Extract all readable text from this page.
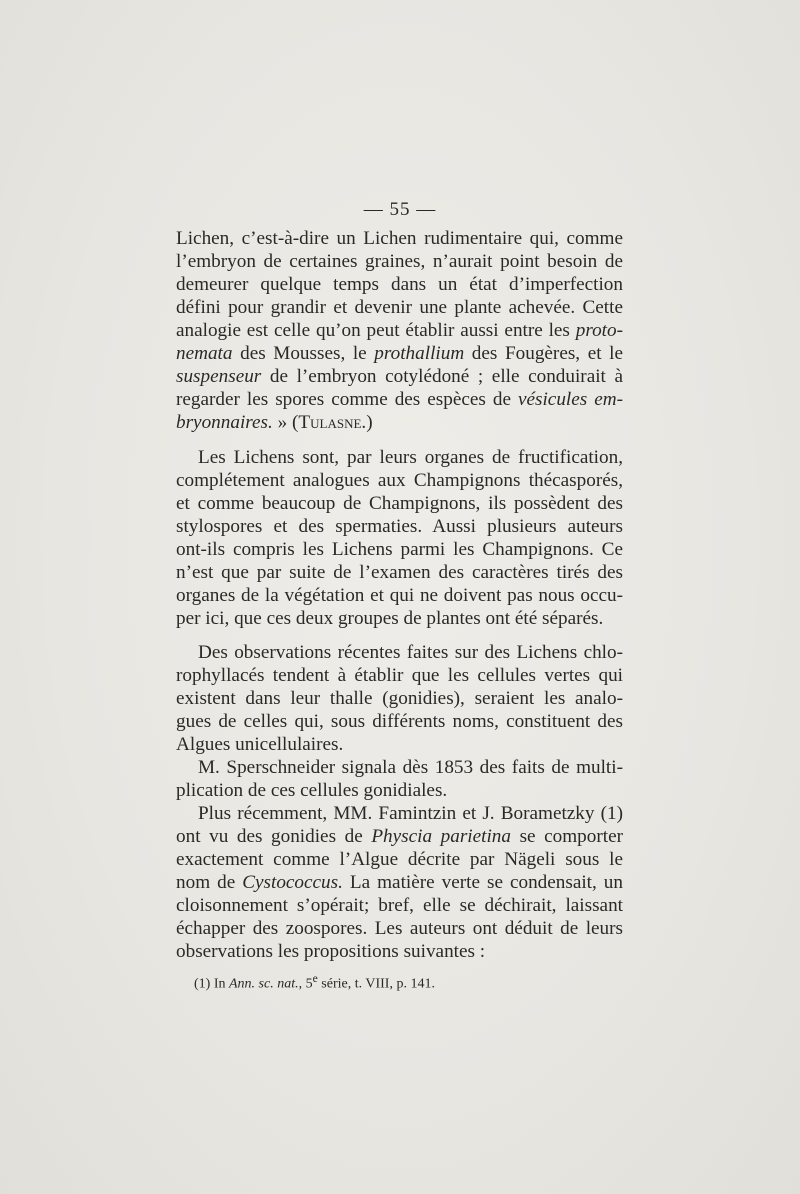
— 55 —
Lichen, c’est-à-dire un Lichen rudimentaire qui, comme
l’embryon de certaines graines, n’aurait point besoin de
demeurer quelque temps dans un état d’imperfection
défini pour grandir et devenir une plante achevée. Cette
analogie est celle qu’on peut établir aussi entre les proto-
nemata des Mousses, le prothallium des Fougères, et le
suspenseur de l’embryon cotylédoné ; elle conduirait à
regarder les spores comme des espèces de vésicules em-
bryonnaires. » (Tulasne.)
Les Lichens sont, par leurs organes de fructification,
complétement analogues aux Champignons thécasporés,
et comme beaucoup de Champignons, ils possèdent des
stylospores et des spermaties. Aussi plusieurs auteurs
ont-ils compris les Lichens parmi les Champignons. Ce
n’est que par suite de l’examen des caractères tirés des
organes de la végétation et qui ne doivent pas nous occu-
per ici, que ces deux groupes de plantes ont été séparés.
Des observations récentes faites sur des Lichens chlo-
rophyllacés tendent à établir que les cellules vertes qui
existent dans leur thalle (gonidies), seraient les analo-
gues de celles qui, sous différents noms, constituent des
Algues unicellulaires.
M. Sperschneider signala dès 1853 des faits de multi-
plication de ces cellules gonidiales.
Plus récemment, MM. Famintzin et J. Borametzky (1)
ont vu des gonidies de Physcia parietina se comporter
exactement comme l’Algue décrite par Nägeli sous le
nom de Cystococcus. La matière verte se condensait, un
cloisonnement s’opérait; bref, elle se déchirait, laissant
échapper des zoospores. Les auteurs ont déduit de leurs
observations les propositions suivantes :
(1) In Ann. sc. nat., 5e série, t. VIII, p. 141.
